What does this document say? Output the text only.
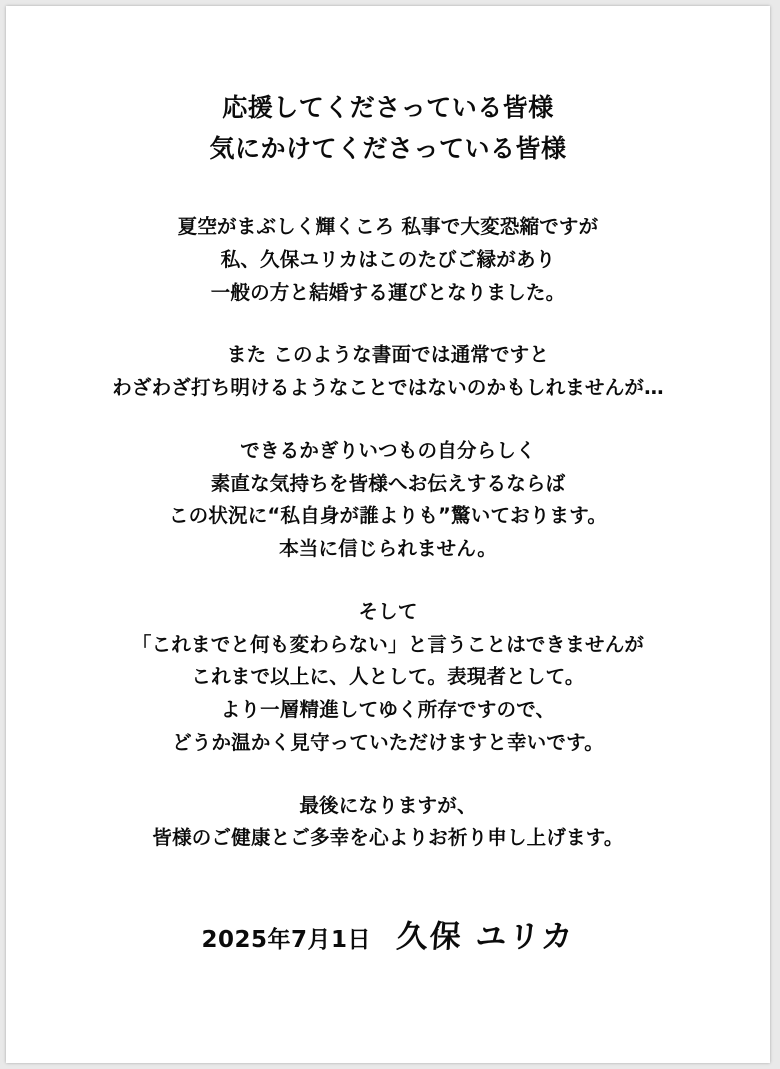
応援してくださっている皆様
気にかけてくださっている皆様
夏空がまぶしく輝くころ 私事で大変恐縮ですが
私、久保ユリカはこのたびご縁があり
一般の方と結婚する運びとなりました。
また このような書面では通常ですと
わざわざ打ち明けるようなことではないのかもしれませんが…
できるかぎりいつもの自分らしく
素直な気持ちを皆様へお伝えするならば
この状況に“私自身が誰よりも”驚いております。
本当に信じられません。
そして
「これまでと何も変わらない」と言うことはできませんが
これまで以上に、人として。表現者として。
より一層精進してゆく所存ですので、
どうか温かく見守っていただけますと幸いです。
最後になりますが、
皆様のご健康とご多幸を心よりお祈り申し上げます。
2025年7月1日 久保 ユリカ
